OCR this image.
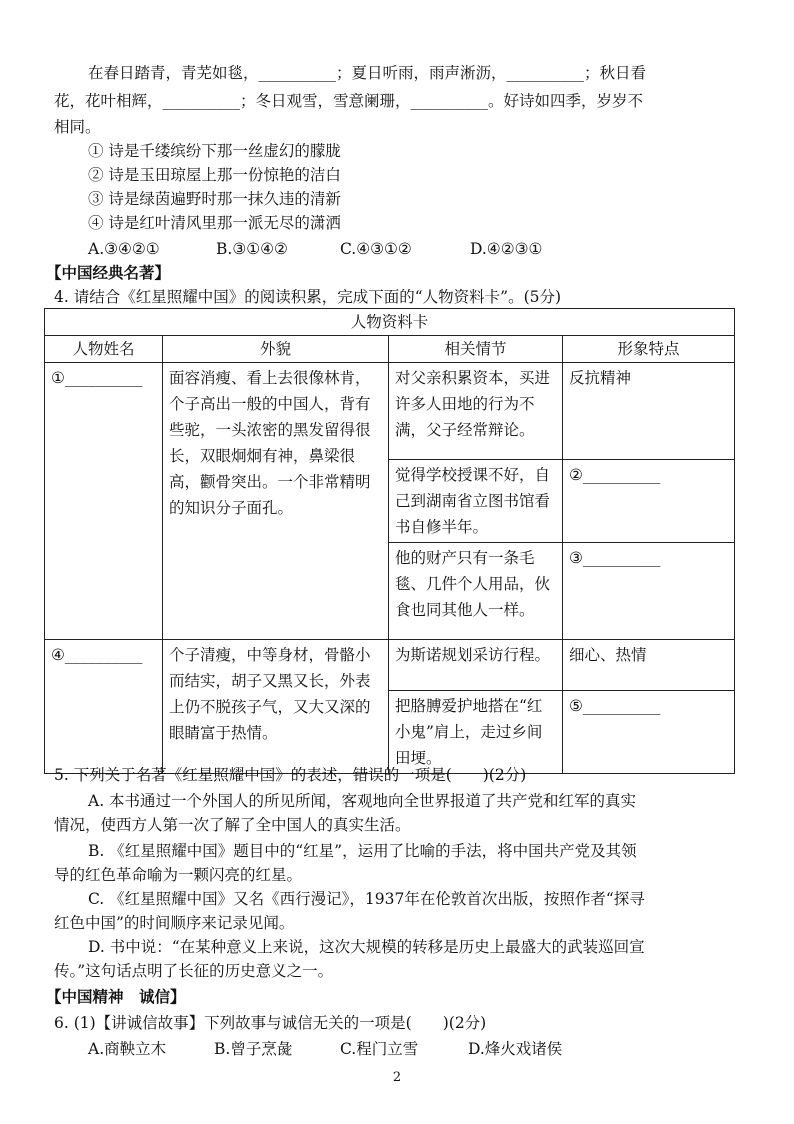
在春日踏青，青芜如毯，__________；夏日听雨，雨声淅沥，__________；秋日看
花，花叶相辉，__________；冬日观雪，雪意阑珊，__________。好诗如四季，岁岁不
相同。
① 诗是千缕缤纷下那一丝虚幻的朦胧
② 诗是玉田琼屋上那一份惊艳的洁白
③ 诗是绿茵遍野时那一抹久违的清新
④ 诗是红叶清风里那一派无尽的潇洒
A.③④②①	B.③①④②	C.④③①②	D.④②③①
【中国经典名著】
4. 请结合《红星照耀中国》的阅读积累，完成下面的“人物资料卡”。(5分)
人物资料卡			
人物姓名	外貌	相关情节	形象特点
①__________	面容消瘦、看上去很像林肯，个子高出一般的中国人，背有些驼，一头浓密的黑发留得很长，双眼炯炯有神，鼻梁很高，颧骨突出。一个非常精明的知识分子面孔。	对父亲积累资本，买进许多人田地的行为不满，父子经常辩论。	反抗精神
		觉得学校授课不好，自己到湖南省立图书馆看书自修半年。	②__________
		他的财产只有一条毛毯、几件个人用品，伙食也同其他人一样。	③__________
④__________	个子清瘦，中等身材，骨骼小而结实，胡子又黑又长，外表上仍不脱孩子气，又大又深的眼睛富于热情。	为斯诺规划采访行程。	细心、热情
		把胳膊爱护地搭在“红小鬼”肩上，走过乡间田埂。	⑤__________
5. 下列关于名著《红星照耀中国》的表述，错误的一项是(　　)(2分)
A. 本书通过一个外国人的所见所闻，客观地向全世界报道了共产党和红军的真实
情况，使西方人第一次了解了全中国人的真实生活。
B. 《红星照耀中国》题目中的“红星”，运用了比喻的手法，将中国共产党及其领
导的红色革命喻为一颗闪亮的红星。
C. 《红星照耀中国》又名《西行漫记》，1937年在伦敦首次出版，按照作者“探寻
红色中国”的时间顺序来记录见闻。
D. 书中说：“在某种意义上来说，这次大规模的转移是历史上最盛大的武装巡回宣
传。”这句话点明了长征的历史意义之一。
【中国精神　诚信】
6. (1)【讲诚信故事】下列故事与诚信无关的一项是(　　)(2分)
A.商鞅立木	B.曾子烹彘	C.程门立雪	D.烽火戏诸侯
2
